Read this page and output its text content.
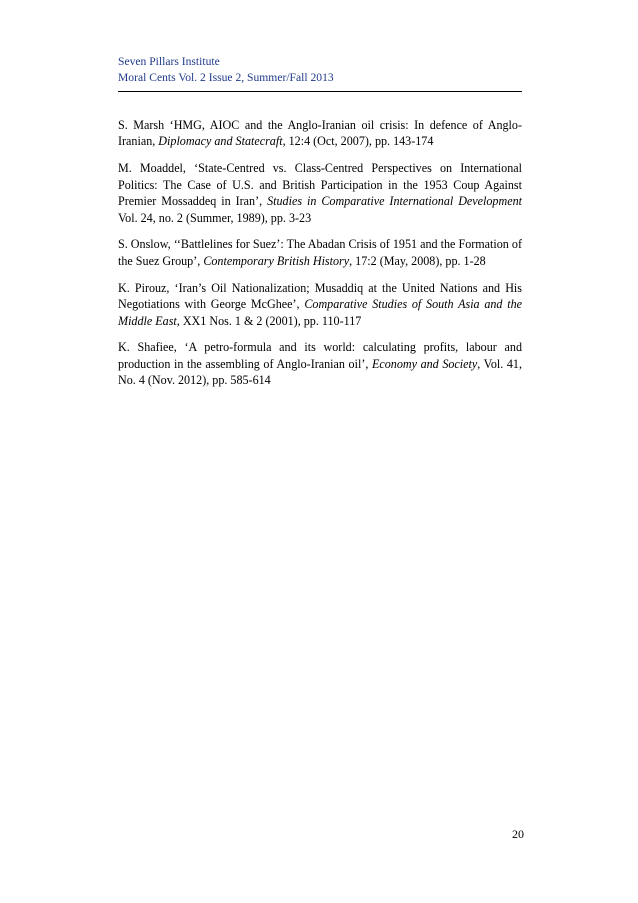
Seven Pillars Institute
Moral Cents Vol. 2 Issue 2, Summer/Fall 2013

S. Marsh ‘HMG, AIOC and the Anglo-Iranian oil crisis: In defence of Anglo-Iranian, Diplomacy and Statecraft, 12:4 (Oct, 2007), pp. 143-174

M. Moaddel, ‘State-Centred vs. Class-Centred Perspectives on International Politics: The Case of U.S. and British Participation in the 1953 Coup Against Premier Mossaddeq in Iran’, Studies in Comparative International Development Vol. 24, no. 2 (Summer, 1989), pp. 3-23

S. Onslow, ‘‘Battlelines for Suez’: The Abadan Crisis of 1951 and the Formation of the Suez Group’, Contemporary British History, 17:2 (May, 2008), pp. 1-28

K. Pirouz, ‘Iran’s Oil Nationalization; Musaddiq at the United Nations and His Negotiations with George McGhee’, Comparative Studies of South Asia and the Middle East, XX1 Nos. 1 & 2 (2001), pp. 110-117

K. Shafiee, ‘A petro-formula and its world: calculating profits, labour and production in the assembling of Anglo-Iranian oil’, Economy and Society, Vol. 41, No. 4 (Nov. 2012), pp. 585-614

20
